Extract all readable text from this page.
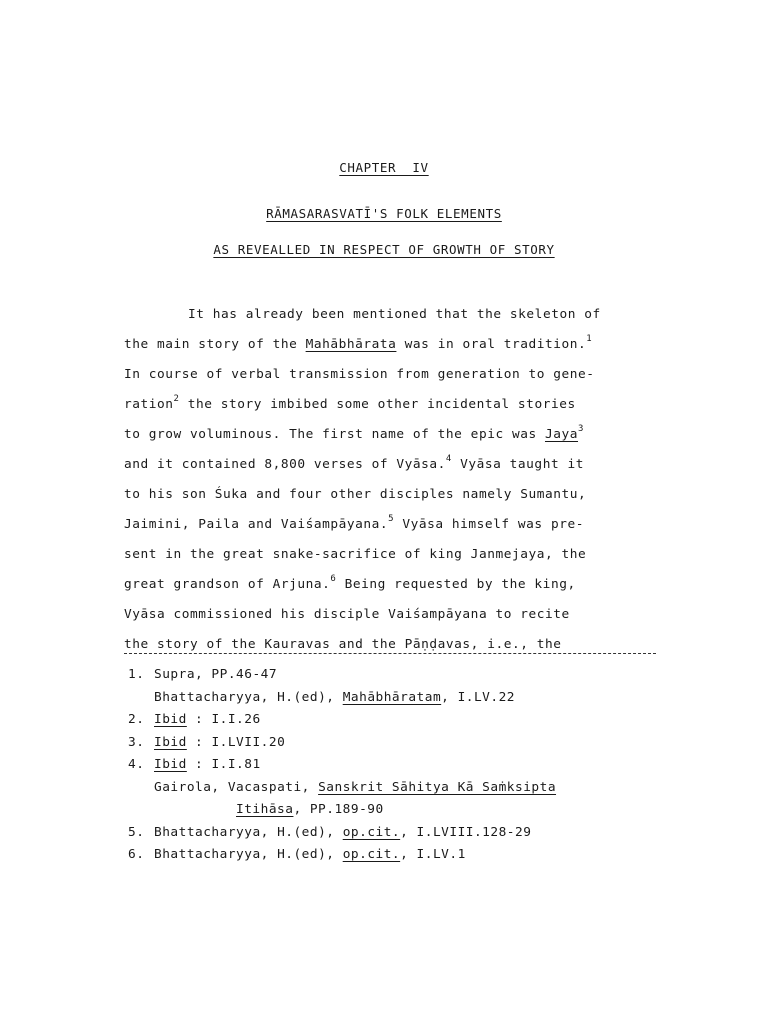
CHAPTER  IV
RĀMASARASVATĪ'S FOLK ELEMENTS
AS REVEALLED IN RESPECT OF GROWTH OF STORY
It has already been mentioned that the skeleton of
the main story of the Mahābhārata was in oral tradition.$^1$
In course of verbal transmission from generation to gene-
ration$^2$ the story imbibed some other incidental stories
to grow voluminous. The first name of the epic was Jaya$^3$
and it contained 8,800 verses of Vyāsa.$^4$ Vyāsa taught it
to his son Śuka and four other disciples namely Sumantu,
Jaimini, Paila and Vaiśampāyana.$^5$ Vyāsa himself was pre-
sent in the great snake-sacrifice of king Janmejaya, the
great grandson of Arjuna.$^6$ Being requested by the king,
Vyāsa commissioned his disciple Vaiśampāyana to recite
the story of the Kauravas and the Pāṇḍavas, i.e., the
1. Supra, PP.46-47
Bhattacharyya, H.(ed), Mahābhāratam, I.LV.22
2. Ibid : I.I.26
3. Ibid : I.LVII.20
4. Ibid : I.I.81
Gairola, Vacaspati, Sanskrit Sāhitya Kā Saṁksipta
Itihāsa, PP.189-90
5. Bhattacharyya, H.(ed), op.cit., I.LVIII.128-29
6. Bhattacharyya, H.(ed), op.cit., I.LV.1
